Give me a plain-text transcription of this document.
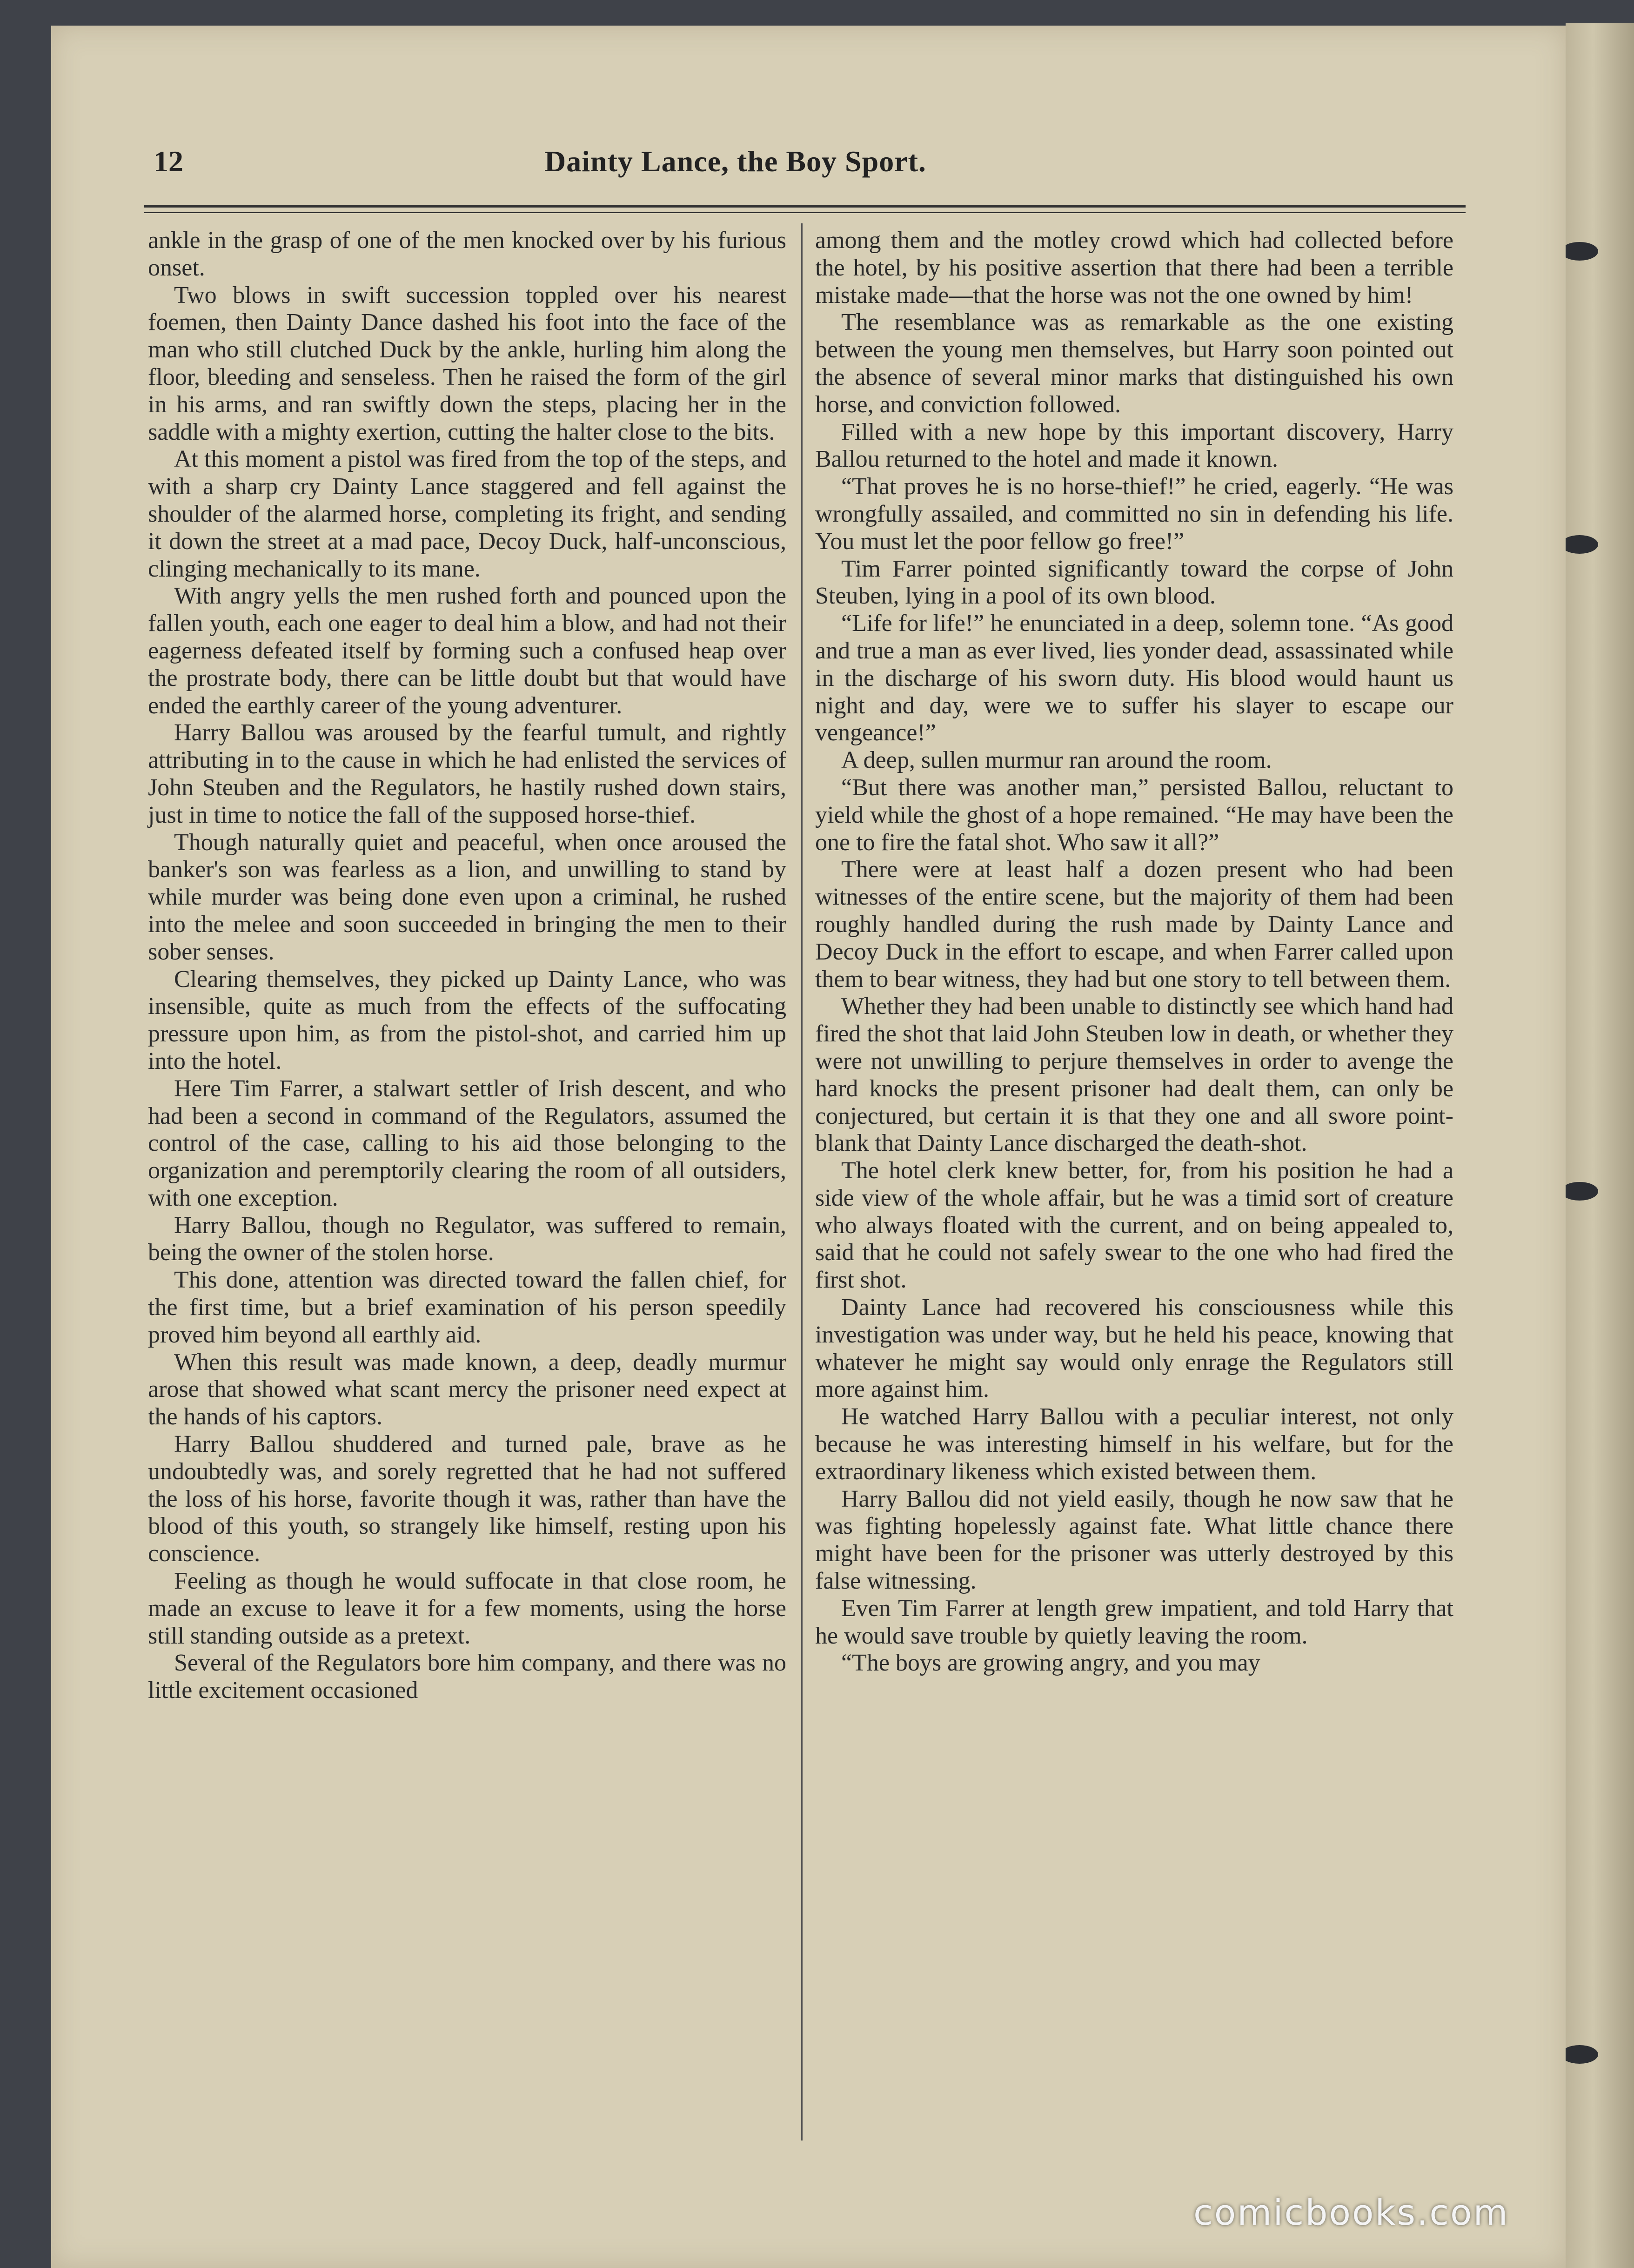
12	Dainty Lance, the Boy Sport.

ankle in the grasp of one of the men knocked over by his furious onset.

Two blows in swift succession toppled over his nearest foemen, then Dainty Dance dashed his foot into the face of the man who still clutched Duck by the ankle, hurling him along the floor, bleeding and senseless. Then he raised the form of the girl in his arms, and ran swiftly down the steps, placing her in the saddle with a mighty exertion, cutting the halter close to the bits.

At this moment a pistol was fired from the top of the steps, and with a sharp cry Dainty Lance staggered and fell against the shoulder of the alarmed horse, completing its fright, and sending it down the street at a mad pace, Decoy Duck, half-unconscious, clinging mechanically to its mane.

With angry yells the men rushed forth and pounced upon the fallen youth, each one eager to deal him a blow, and had not their eagerness defeated itself by forming such a confused heap over the prostrate body, there can be little doubt but that would have ended the earthly career of the young adventurer.

Harry Ballou was aroused by the fearful tumult, and rightly attributing in to the cause in which he had enlisted the services of John Steuben and the Regulators, he hastily rushed down stairs, just in time to notice the fall of the supposed horse-thief.

Though naturally quiet and peaceful, when once aroused the banker's son was fearless as a lion, and unwilling to stand by while murder was being done even upon a criminal, he rushed into the melee and soon succeeded in bringing the men to their sober senses.

Clearing themselves, they picked up Dainty Lance, who was insensible, quite as much from the effects of the suffocating pressure upon him, as from the pistol-shot, and carried him up into the hotel.

Here Tim Farrer, a stalwart settler of Irish descent, and who had been a second in command of the Regulators, assumed the control of the case, calling to his aid those belonging to the organization and peremptorily clearing the room of all outsiders, with one exception.

Harry Ballou, though no Regulator, was suffered to remain, being the owner of the stolen horse.

This done, attention was directed toward the fallen chief, for the first time, but a brief examination of his person speedily proved him beyond all earthly aid.

When this result was made known, a deep, deadly murmur arose that showed what scant mercy the prisoner need expect at the hands of his captors.

Harry Ballou shuddered and turned pale, brave as he undoubtedly was, and sorely regretted that he had not suffered the loss of his horse, favorite though it was, rather than have the blood of this youth, so strangely like himself, resting upon his conscience.

Feeling as though he would suffocate in that close room, he made an excuse to leave it for a few moments, using the horse still standing outside as a pretext.

Several of the Regulators bore him company, and there was no little excitement occasioned

among them and the motley crowd which had collected before the hotel, by his positive assertion that there had been a terrible mistake made—that the horse was not the one owned by him!

The resemblance was as remarkable as the one existing between the young men themselves, but Harry soon pointed out the absence of several minor marks that distinguished his own horse, and conviction followed.

Filled with a new hope by this important discovery, Harry Ballou returned to the hotel and made it known.

“That proves he is no horse-thief!” he cried, eagerly. “He was wrongfully assailed, and committed no sin in defending his life. You must let the poor fellow go free!”

Tim Farrer pointed significantly toward the corpse of John Steuben, lying in a pool of its own blood.

“Life for life!” he enunciated in a deep, solemn tone. “As good and true a man as ever lived, lies yonder dead, assassinated while in the discharge of his sworn duty. His blood would haunt us night and day, were we to suffer his slayer to escape our vengeance!”

A deep, sullen murmur ran around the room.

“But there was another man,” persisted Ballou, reluctant to yield while the ghost of a hope remained. “He may have been the one to fire the fatal shot. Who saw it all?”

There were at least half a dozen present who had been witnesses of the entire scene, but the majority of them had been roughly handled during the rush made by Dainty Lance and Decoy Duck in the effort to escape, and when Farrer called upon them to bear witness, they had but one story to tell between them.

Whether they had been unable to distinctly see which hand had fired the shot that laid John Steuben low in death, or whether they were not unwilling to perjure themselves in order to avenge the hard knocks the present prisoner had dealt them, can only be conjectured, but certain it is that they one and all swore point-blank that Dainty Lance discharged the death-shot.

The hotel clerk knew better, for, from his position he had a side view of the whole affair, but he was a timid sort of creature who always floated with the current, and on being appealed to, said that he could not safely swear to the one who had fired the first shot.

Dainty Lance had recovered his consciousness while this investigation was under way, but he held his peace, knowing that whatever he might say would only enrage the Regulators still more against him.

He watched Harry Ballou with a peculiar interest, not only because he was interesting himself in his welfare, but for the extraordinary likeness which existed between them.

Harry Ballou did not yield easily, though he now saw that he was fighting hopelessly against fate. What little chance there might have been for the prisoner was utterly destroyed by this false witnessing.

Even Tim Farrer at length grew impatient, and told Harry that he would save trouble by quietly leaving the room.

“The boys are growing angry, and you may

comicbooks.com
